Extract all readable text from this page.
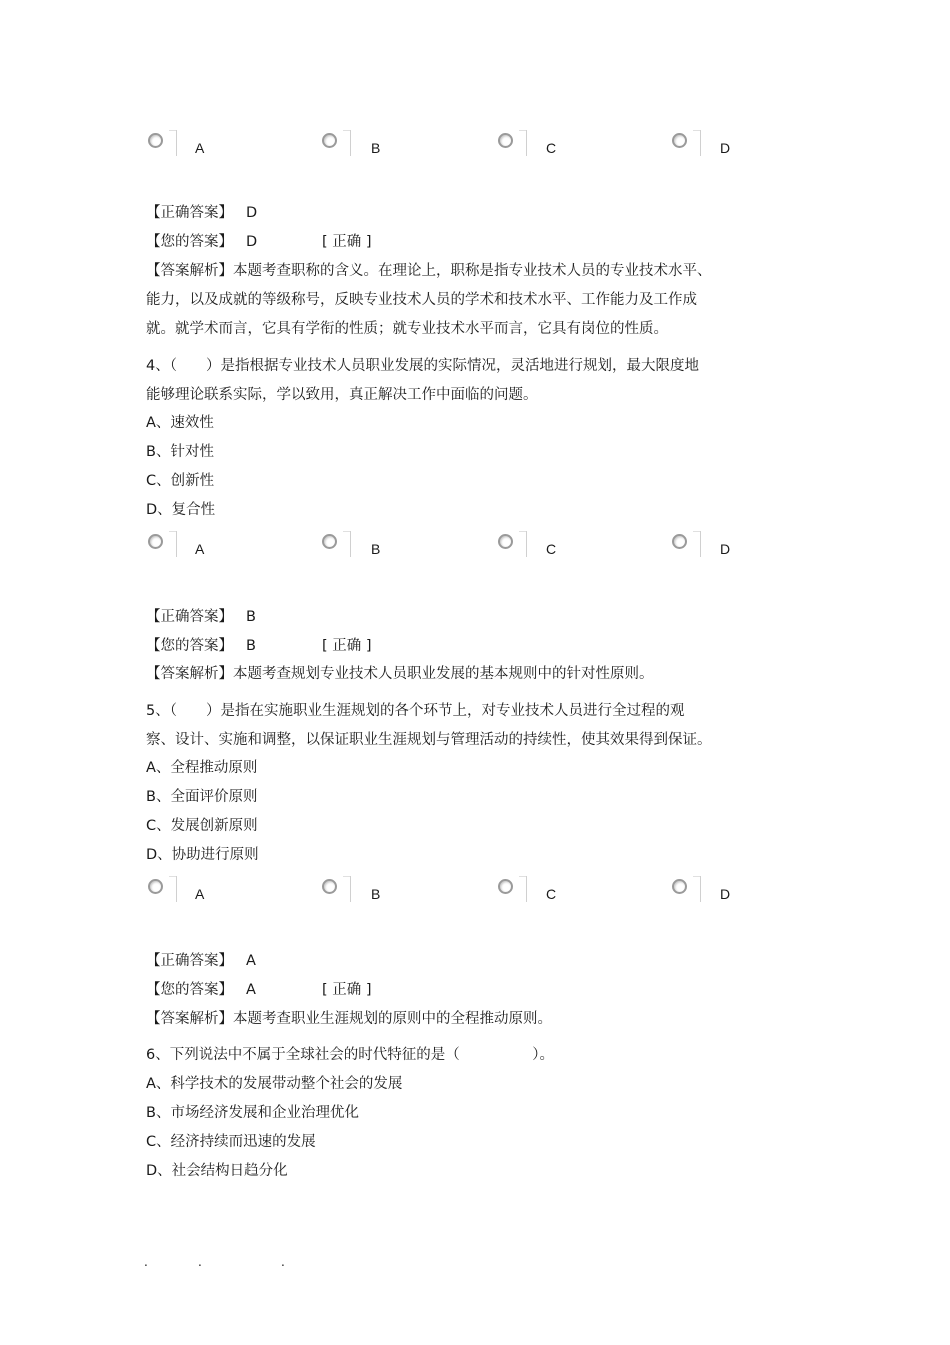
A	B	C	D
【正确答案】 D
【您的答案】 D	[ 正确 ]
【答案解析】本题考查职称的含义。在理论上，职称是指专业技术人员的专业技术水平、
能力，以及成就的等级称号，反映专业技术人员的学术和技术水平、工作能力及工作成
就。就学术而言，它具有学衔的性质；就专业技术水平而言，它具有岗位的性质。
4、（　　）是指根据专业技术人员职业发展的实际情况，灵活地进行规划，最大限度地
能够理论联系实际，学以致用，真正解决工作中面临的问题。
A、速效性
B、针对性
C、创新性
D、复合性
A	B	C	D
【正确答案】 B
【您的答案】 B	[ 正确 ]
【答案解析】本题考查规划专业技术人员职业发展的基本规则中的针对性原则。
5、（　　）是指在实施职业生涯规划的各个环节上，对专业技术人员进行全过程的观
察、设计、实施和调整，以保证职业生涯规划与管理活动的持续性，使其效果得到保证。
A、全程推动原则
B、全面评价原则
C、发展创新原则
D、协助进行原则
A	B	C	D
【正确答案】 A
【您的答案】 A	[ 正确 ]
【答案解析】本题考查职业生涯规划的原则中的全程推动原则。
6、下列说法中不属于全球社会的时代特征的是（　　　　　）。
A、科学技术的发展带动整个社会的发展
B、市场经济发展和企业治理优化
C、经济持续而迅速的发展
D、社会结构日趋分化
.	.	.
